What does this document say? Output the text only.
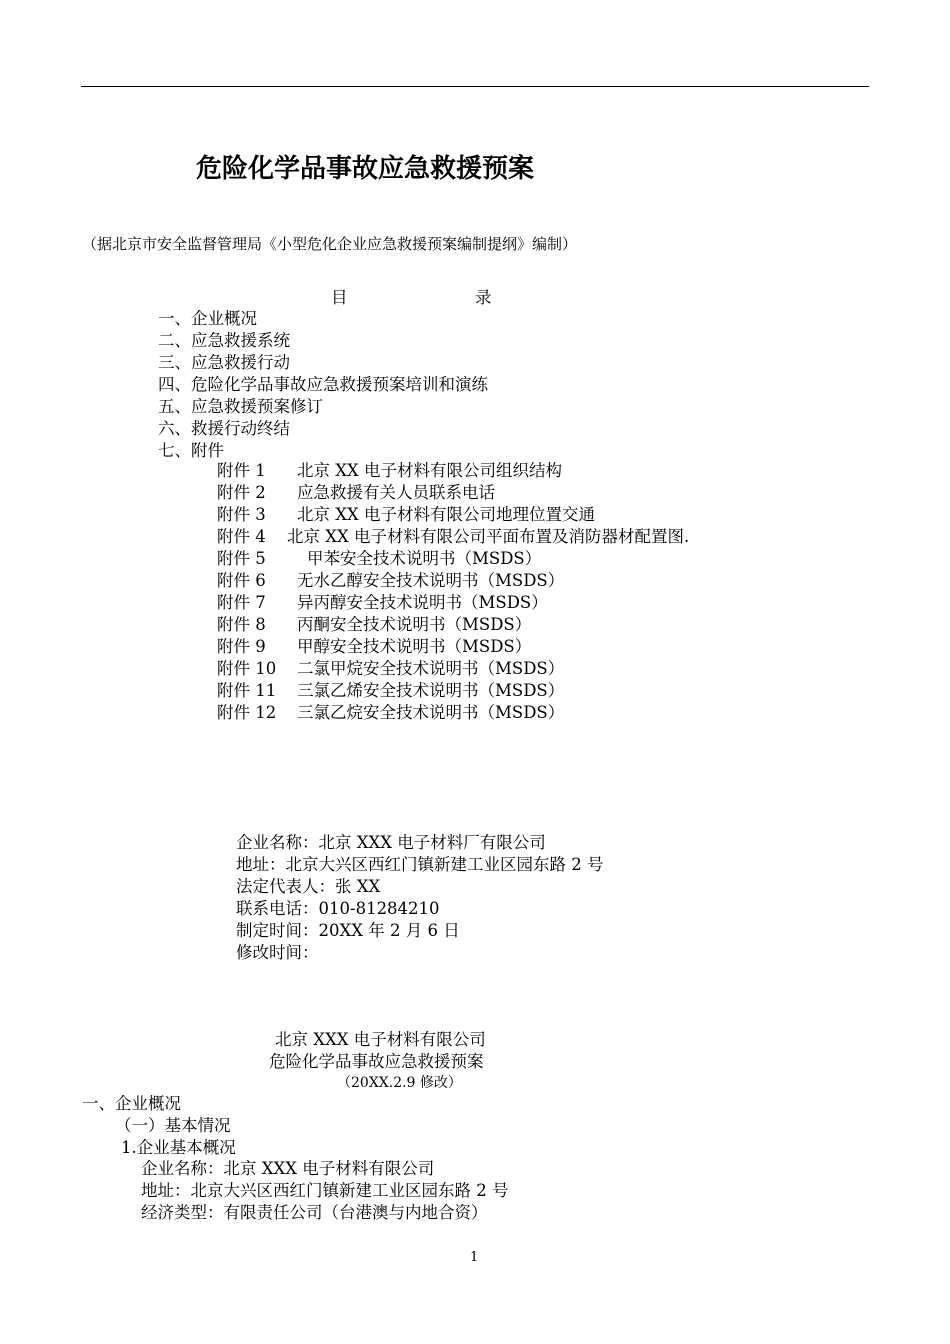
危险化学品事故应急救援预案
（据北京市安全监督管理局《小型危化企业应急救援预案编制提纲》编制）
目	录
一、企业概况
二、应急救援系统
三、应急救援行动
四、危险化学品事故应急救援预案培训和演练
五、应急救援预案修订
六、救援行动终结
七、附件
附件 1 北京 XX 电子材料有限公司组织结构
附件 2 应急救援有关人员联系电话
附件 3 北京 XX 电子材料有限公司地理位置交通
附件 4 北京 XX 电子材料有限公司平面布置及消防器材配置图.
附件 5	甲苯安全技术说明书（MSDS）
附件 6 无水乙醇安全技术说明书（MSDS）
附件 7 异丙醇安全技术说明书（MSDS）
附件 8 丙酮安全技术说明书（MSDS）
附件 9 甲醇安全技术说明书（MSDS）
附件 10 二氯甲烷安全技术说明书（MSDS）
附件 11 三氯乙烯安全技术说明书（MSDS）
附件 12 三氯乙烷安全技术说明书（MSDS）
企业名称：北京 XXX 电子材料厂有限公司
地址：北京大兴区西红门镇新建工业区园东路 2 号
法定代表人：张 XX
联系电话：010-81284210
制定时间：20XX 年 2 月 6 日
修改时间：
北京 XXX 电子材料有限公司
危险化学品事故应急救援预案
（20XX.2.9 修改）
一、企业概况
（一）基本情况
1.企业基本概况
企业名称：北京 XXX 电子材料有限公司
地址：北京大兴区西红门镇新建工业区园东路 2 号
经济类型：有限责任公司（台港澳与内地合资）
1
